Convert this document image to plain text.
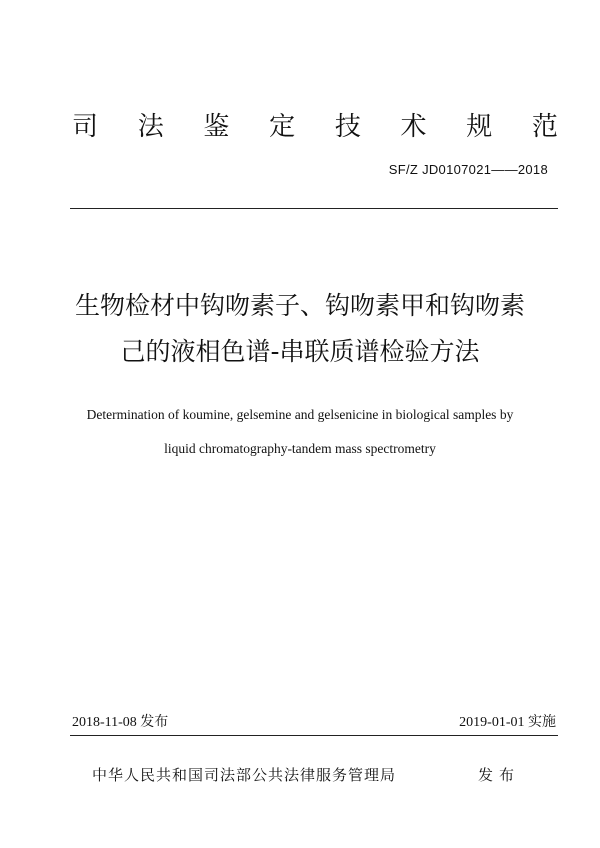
司 法 鉴 定 技 术 规 范
SF/Z JD0107021——2018
生物检材中钩吻素子、钩吻素甲和钩吻素
己的液相色谱-串联质谱检验方法
Determination of koumine, gelsemine and gelsenicine in biological samples by
liquid chromatography-tandem mass spectrometry
2018-11-08 发布	2019-01-01 实施
中华人民共和国司法部公共法律服务管理局	发布
